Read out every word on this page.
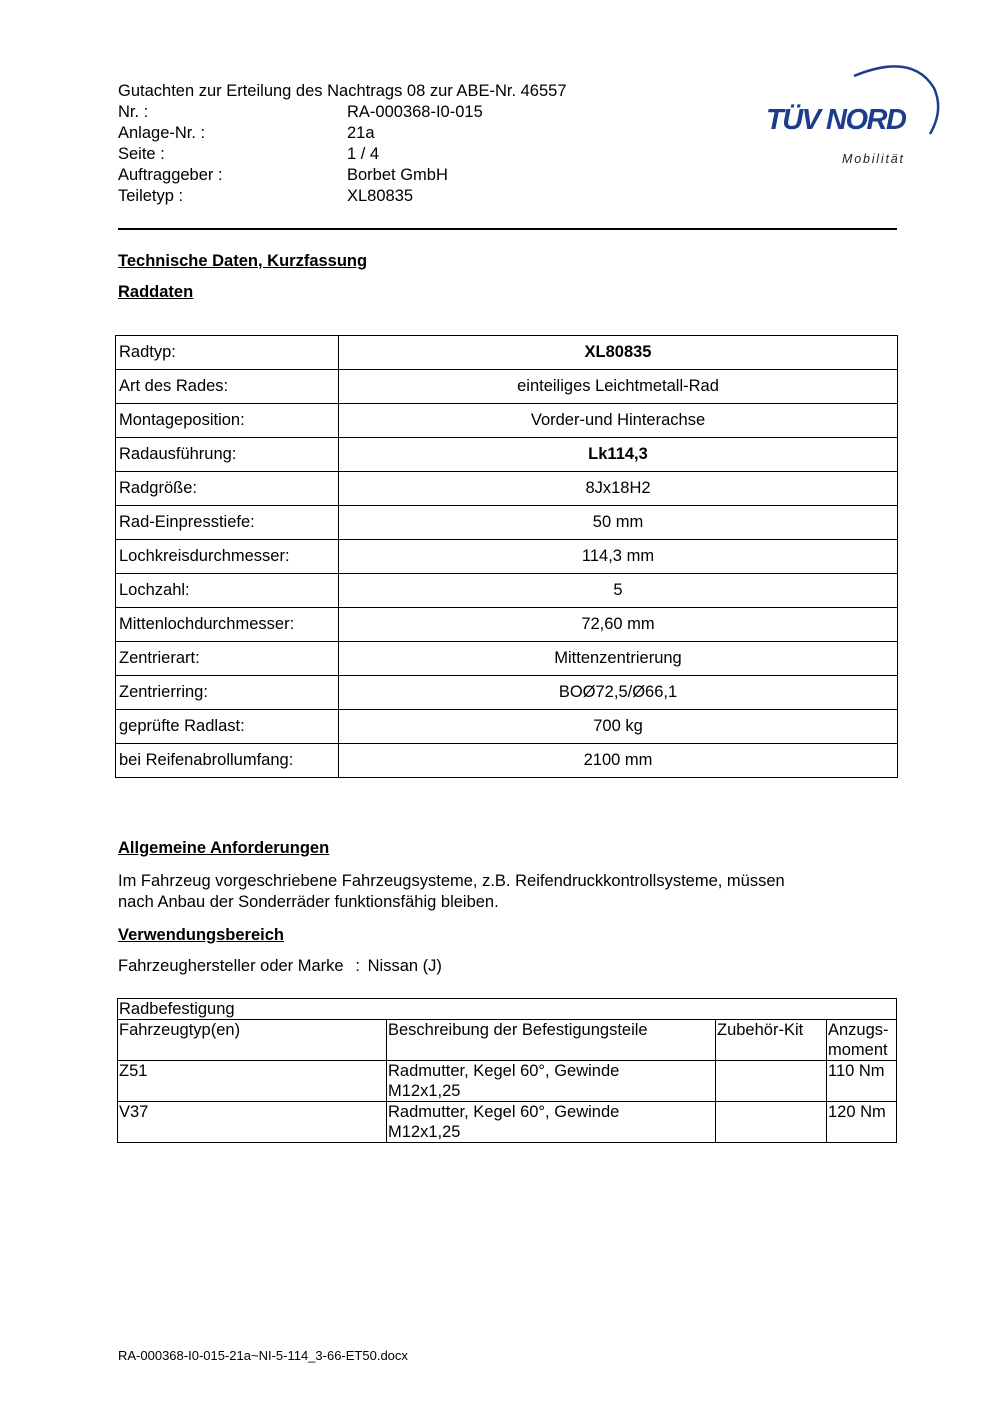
Gutachten zur Erteilung des Nachtrags 08 zur ABE-Nr. 46557
Nr. :	RA-000368-I0-015
Anlage-Nr. :	21a
Seite :	1 / 4
Auftraggeber :	Borbet GmbH
Teiletyp :	XL80835
TÜV NORD
Mobilität
Technische Daten, Kurzfassung
Raddaten
Radtyp:	XL80835
Art des Rades:	einteiliges Leichtmetall-Rad
Montageposition:	Vorder-und Hinterachse
Radausführung:	Lk114,3
Radgröße:	8Jx18H2
Rad-Einpresstiefe:	50 mm
Lochkreisdurchmesser:	114,3 mm
Lochzahl:	5
Mittenlochdurchmesser:	72,60 mm
Zentrierart:	Mittenzentrierung
Zentrierring:	BOØ72,5/Ø66,1
geprüfte Radlast:	700 kg
bei Reifenabrollumfang:	2100 mm
Allgemeine Anforderungen
Im Fahrzeug vorgeschriebene Fahrzeugsysteme, z.B. Reifendruckkontrollsysteme, müssen
nach Anbau der Sonderräder funktionsfähig bleiben.
Verwendungsbereich
Fahrzeughersteller oder Marke : Nissan (J)
Radbefestigung			
Fahrzeugtyp(en)	Beschreibung der Befestigungsteile	Zubehör-Kit	Anzugs-
moment

Z51	Radmutter, Kegel 60°, Gewinde
M12x1,25		110 Nm
V37	Radmutter, Kegel 60°, Gewinde
M12x1,25		120 Nm
RA-000368-I0-015-21a~NI-5-114_3-66-ET50.docx
